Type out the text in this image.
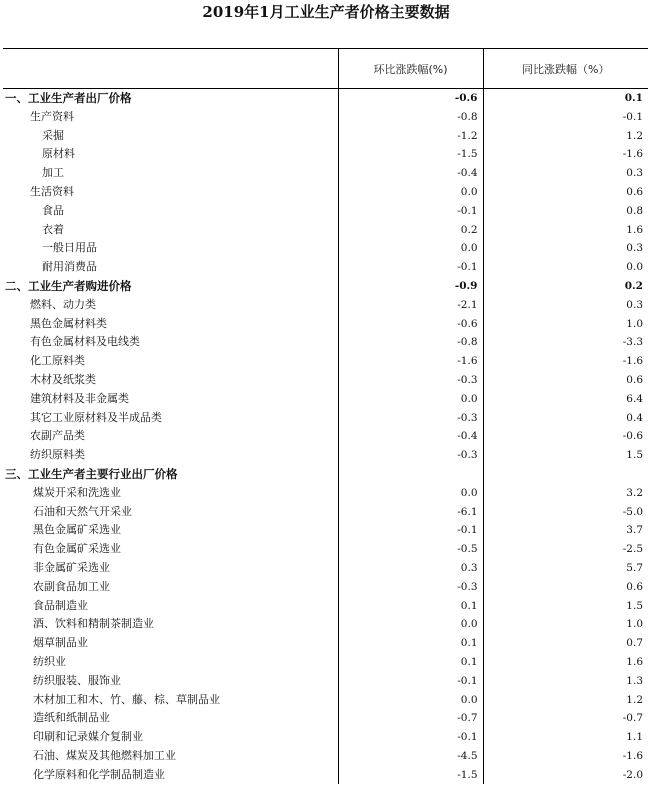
2019年1月工业生产者价格主要数据
	环比涨跌幅(%)	同比涨跌幅（%）
一、工业生产者出厂价格	-0.6	0.1
生产资料	-0.8	-0.1
采掘	-1.2	1.2
原材料	-1.5	-1.6
加工	-0.4	0.3
生活资料	0.0	0.6
食品	-0.1	0.8
衣着	0.2	1.6
一般日用品	0.0	0.3
耐用消费品	-0.1	0.0
二、工业生产者购进价格	-0.9	0.2
燃料、动力类	-2.1	0.3
黑色金属材料类	-0.6	1.0
有色金属材料及电线类	-0.8	-3.3
化工原料类	-1.6	-1.6
木材及纸浆类	-0.3	0.6
建筑材料及非金属类	0.0	6.4
其它工业原材料及半成品类	-0.3	0.4
农副产品类	-0.4	-0.6
纺织原料类	-0.3	1.5
三、工业生产者主要行业出厂价格		
煤炭开采和洗选业	0.0	3.2
石油和天然气开采业	-6.1	-5.0
黑色金属矿采选业	-0.1	3.7
有色金属矿采选业	-0.5	-2.5
非金属矿采选业	0.3	5.7
农副食品加工业	-0.3	0.6
食品制造业	0.1	1.5
酒、饮料和精制茶制造业	0.0	1.0
烟草制品业	0.1	0.7
纺织业	0.1	1.6
纺织服装、服饰业	-0.1	1.3
木材加工和木、竹、藤、棕、草制品业	0.0	1.2
造纸和纸制品业	-0.7	-0.7
印刷和记录媒介复制业	-0.1	1.1
石油、煤炭及其他燃料加工业	-4.5	-1.6
化学原料和化学制品制造业	-1.5	-2.0
